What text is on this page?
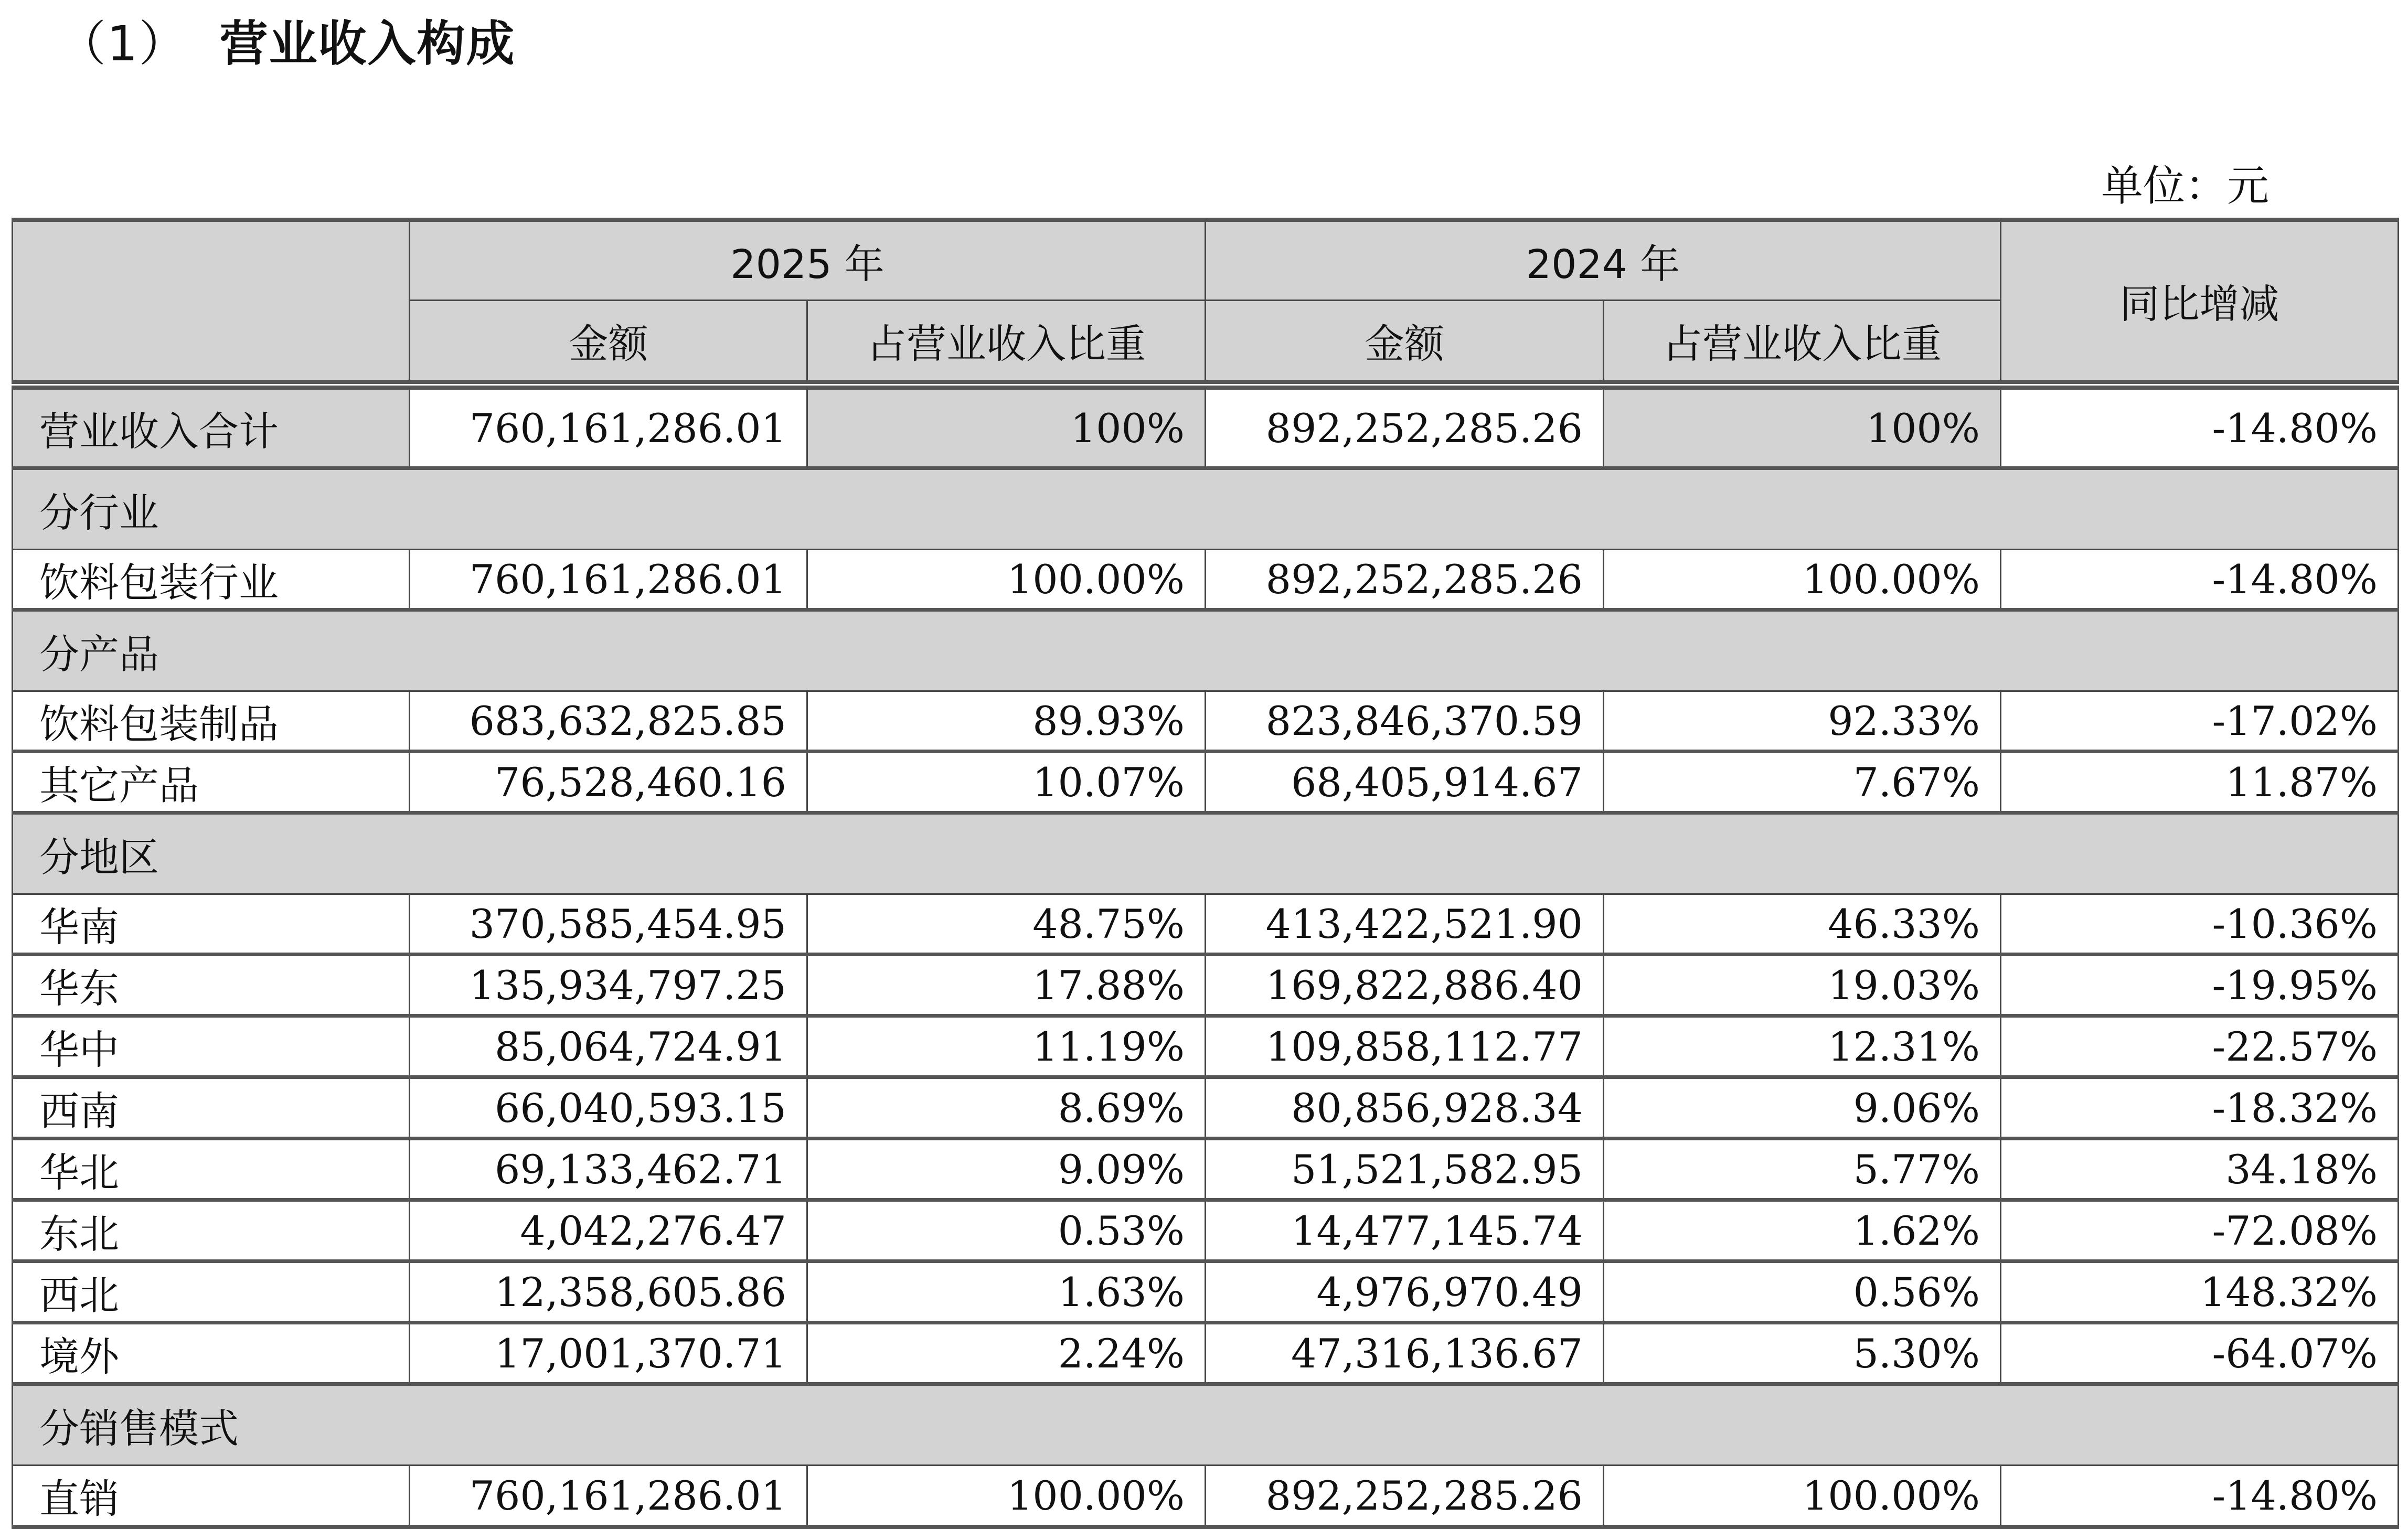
（1） 营业收入构成
单位：元
	2025 年		2024 年		同比增减
	金额	占营业收入比重	金额	占营业收入比重	
营业收入合计	760,161,286.01	100%	892,252,285.26	100%	-14.80%
分行业					
饮料包装行业	760,161,286.01	100.00%	892,252,285.26	100.00%	-14.80%
分产品					
饮料包装制品	683,632,825.85	89.93%	823,846,370.59	92.33%	-17.02%
其它产品	76,528,460.16	10.07%	68,405,914.67	7.67%	11.87%
分地区					
华南	370,585,454.95	48.75%	413,422,521.90	46.33%	-10.36%
华东	135,934,797.25	17.88%	169,822,886.40	19.03%	-19.95%
华中	85,064,724.91	11.19%	109,858,112.77	12.31%	-22.57%
西南	66,040,593.15	8.69%	80,856,928.34	9.06%	-18.32%
华北	69,133,462.71	9.09%	51,521,582.95	5.77%	34.18%
东北	4,042,276.47	0.53%	14,477,145.74	1.62%	-72.08%
西北	12,358,605.86	1.63%	4,976,970.49	0.56%	148.32%
境外	17,001,370.71	2.24%	47,316,136.67	5.30%	-64.07%
分销售模式					
直销	760,161,286.01	100.00%	892,252,285.26	100.00%	-14.80%
